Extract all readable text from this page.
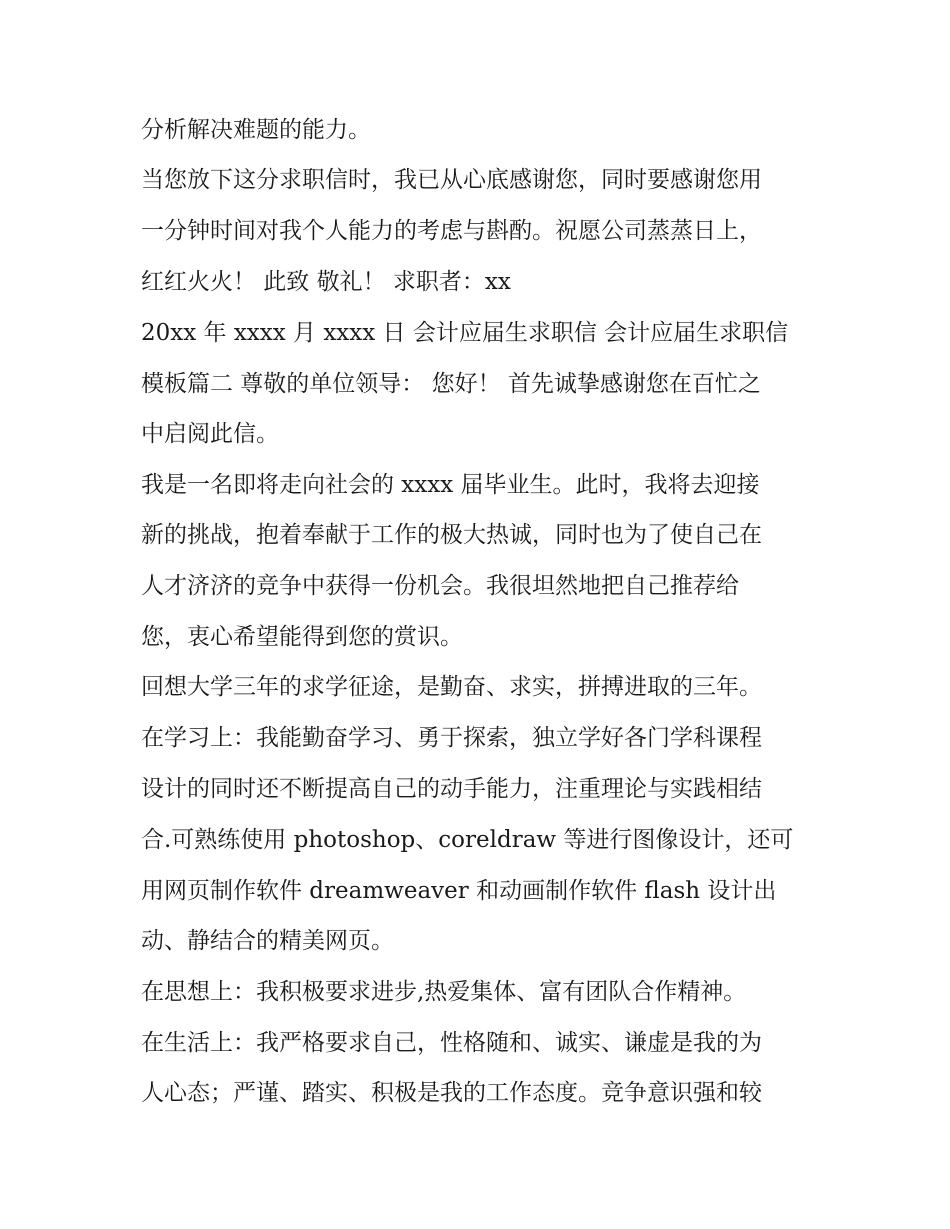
分析解决难题的能力。
当您放下这分求职信时，我已从心底感谢您，同时要感谢您用
一分钟时间对我个人能力的考虑与斟酌。祝愿公司蒸蒸日上，
红红火火！ 此致 敬礼！ 求职者：xx
20xx 年 xxxx 月 xxxx 日 会计应届生求职信 会计应届生求职信
模板篇二 尊敬的单位领导： 您好！ 首先诚挚感谢您在百忙之
中启阅此信。
我是一名即将走向社会的 xxxx 届毕业生。此时，我将去迎接
新的挑战，抱着奉献于工作的极大热诚，同时也为了使自己在
人才济济的竞争中获得一份机会。我很坦然地把自己推荐给
您，衷心希望能得到您的赏识。
回想大学三年的求学征途，是勤奋、求实，拼搏进取的三年。
在学习上：我能勤奋学习、勇于探索，独立学好各门学科课程
设计的同时还不断提高自己的动手能力，注重理论与实践相结
合.可熟练使用 photoshop、coreldraw 等进行图像设计，还可
用网页制作软件 dreamweaver 和动画制作软件 flash 设计出
动、静结合的精美网页。
在思想上：我积极要求进步,热爱集体、富有团队合作精神。
在生活上：我严格要求自己，性格随和、诚实、谦虚是我的为
人心态；严谨、踏实、积极是我的工作态度。竞争意识强和较
